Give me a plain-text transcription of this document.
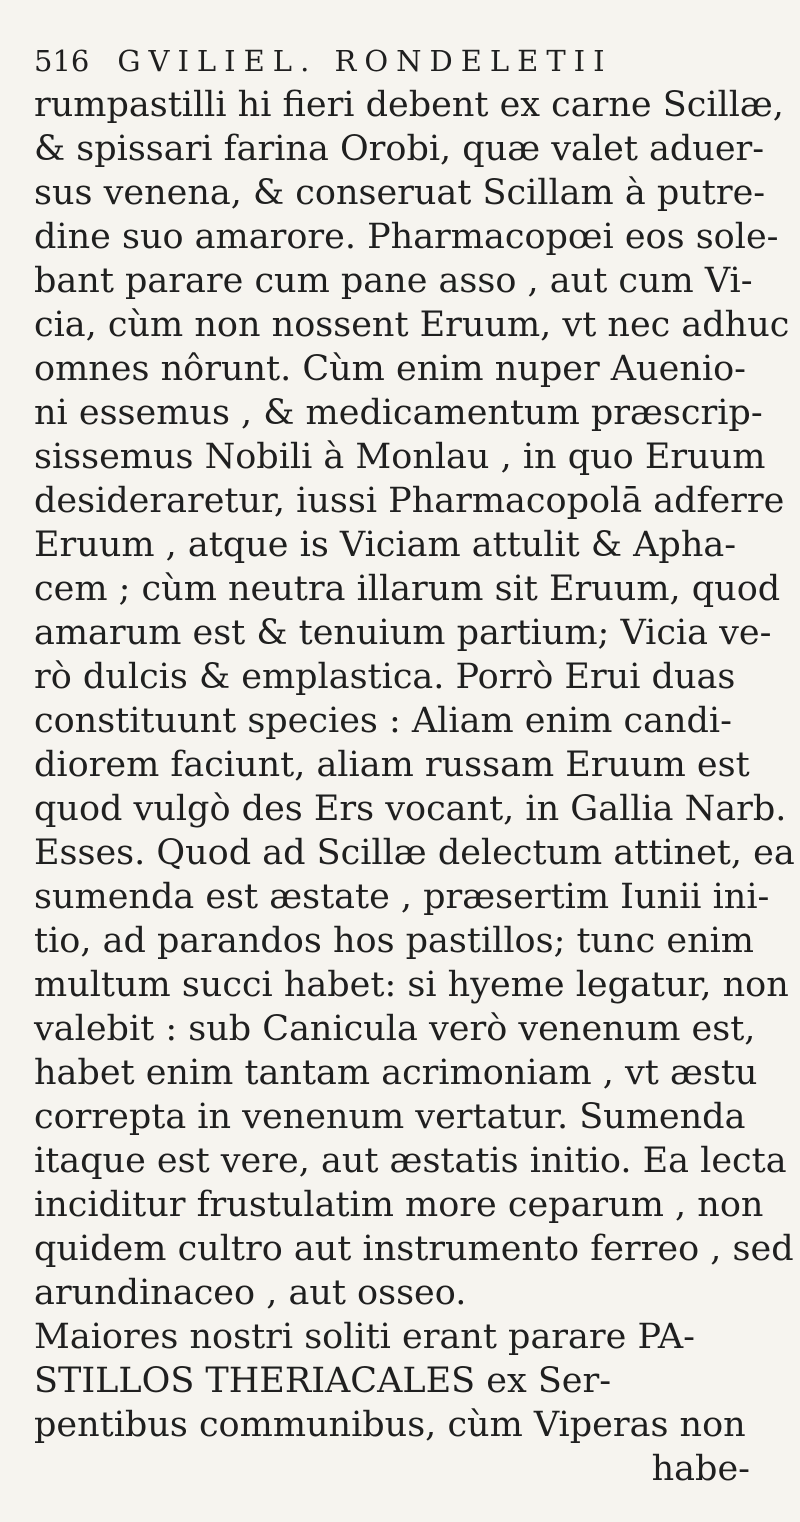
516 GVILIEL. RONDELETII
rumpastilli hi fieri debent ex carne Scillæ,
& spissari farina Orobi, quæ valet aduer-
sus venena, & conseruat Scillam à putre-
dine suo amarore. Pharmacopœi eos sole-
bant parare cum pane asso , aut cum Vi-
cia, cùm non nossent Eruum, vt nec adhuc
omnes nôrunt. Cùm enim nuper Auenio-
ni essemus , & medicamentum præscrip-
sissemus Nobili à Monlau , in quo Eruum
desideraretur, iussi Pharmacopolā adferre
Eruum , atque is Viciam attulit & Apha-
cem ; cùm neutra illarum sit Eruum, quod
amarum est & tenuium partium; Vicia ve-
rò dulcis & emplastica. Porrò Erui duas
constituunt species : Aliam enim candi-
diorem faciunt, aliam russam Eruum est
quod vulgò des Ers vocant, in Gallia Narb.
Esses. Quod ad Scillæ delectum attinet, ea
sumenda est æstate , præsertim Iunii ini-
tio, ad parandos hos pastillos; tunc enim
multum succi habet: si hyeme legatur, non
valebit : sub Canicula verò venenum est,
habet enim tantam acrimoniam , vt æstu
correpta in venenum vertatur. Sumenda
itaque est vere, aut æstatis initio. Ea lecta
inciditur frustulatim more ceparum , non
quidem cultro aut instrumento ferreo , sed
arundinaceo , aut osseo.
Maiores nostri soliti erant parare PA-
STILLOS THERIACALES ex Ser-
pentibus communibus, cùm Viperas non
habe-
